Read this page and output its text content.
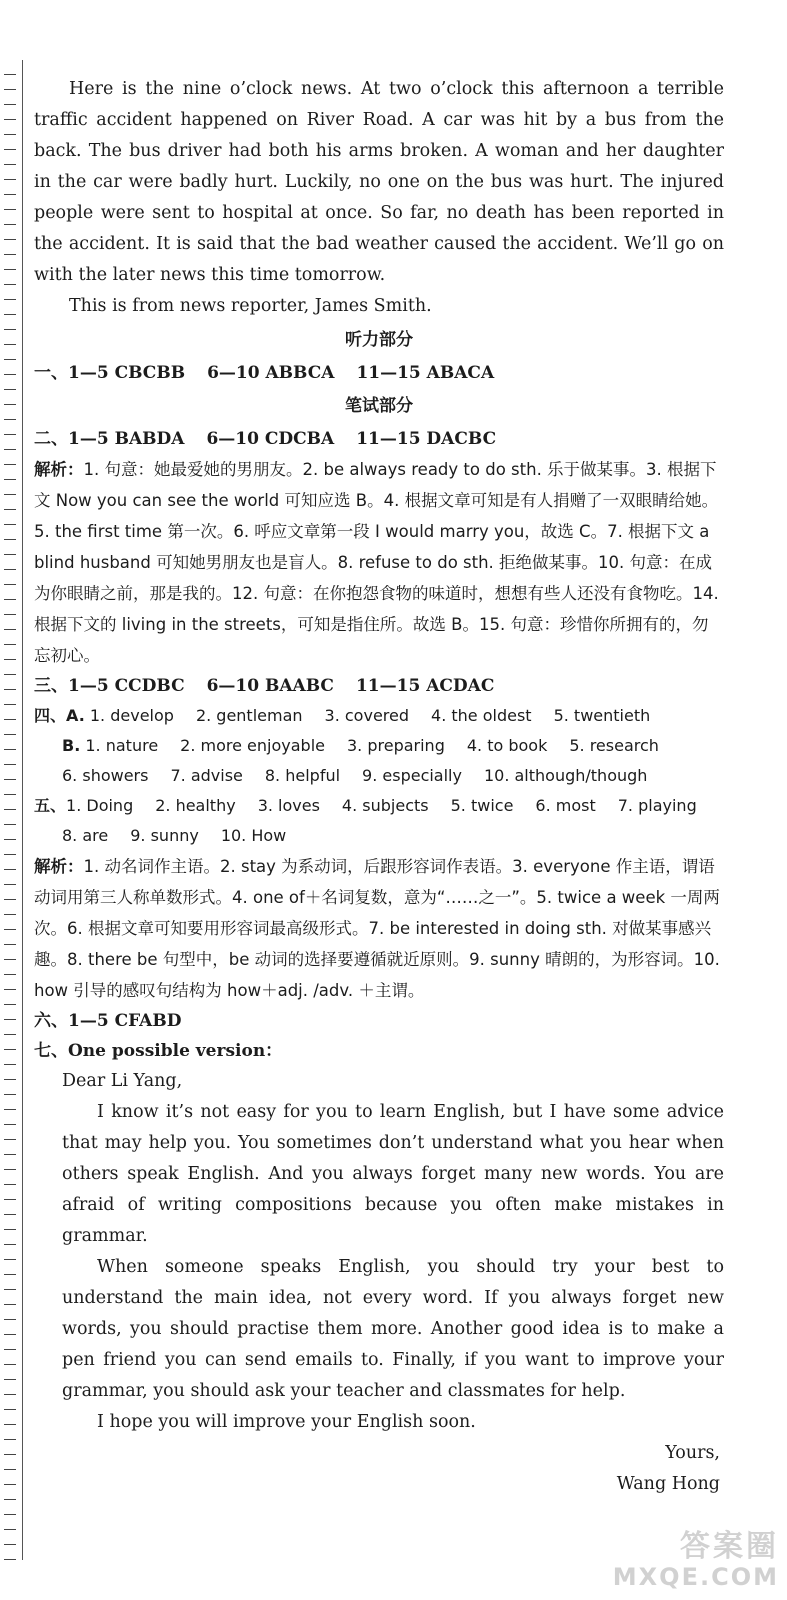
Here is the nine o’clock news. At two o’clock this afternoon a terrible traffic accident happened on River Road. A car was hit by a bus from the back. The bus driver had both his arms broken. A woman and her daughter in the car were badly hurt. Luckily, no one on the bus was hurt. The injured people were sent to hospital at once. So far, no death has been reported in the accident. It is said that the bad weather caused the accident. We’ll go on with the later news this time tomorrow.

This is from news reporter, James Smith.

听力部分

一、1—5 CBCBB 6—10 ABBCA 11—15 ABACA

笔试部分

二、1—5 BABDA 6—10 CDCBA 11—15 DACBC

解析：1. 句意：她最爱她的男朋友。2. be always ready to do sth. 乐于做某事。3. 根据下文 Now you can see the world 可知应选 B。4. 根据文章可知是有人捐赠了一双眼睛给她。5. the first time 第一次。6. 呼应文章第一段 I would marry you，故选 C。7. 根据下文 a blind husband 可知她男朋友也是盲人。8. refuse to do sth. 拒绝做某事。10. 句意：在成为你眼睛之前，那是我的。12. 句意：在你抱怨食物的味道时，想想有些人还没有食物吃。14. 根据下文的 living in the streets，可知是指住所。故选 B。15. 句意：珍惜你所拥有的，勿忘初心。

三、1—5 CCDBC 6—10 BAABC 11—15 ACDAC

四、A. 1. develop 2. gentleman 3. covered 4. the oldest 5. twentieth

B. 1. nature 2. more enjoyable 3. preparing 4. to book 5. research

6. showers 7. advise 8. helpful 9. especially 10. although/though

五、1. Doing 2. healthy 3. loves 4. subjects 5. twice 6. most 7. playing

8. are 9. sunny 10. How

解析：1. 动名词作主语。2. stay 为系动词，后跟形容词作表语。3. everyone 作主语，谓语动词用第三人称单数形式。4. one of＋名词复数，意为“……之一”。5. twice a week 一周两次。6. 根据文章可知要用形容词最高级形式。7. be interested in doing sth. 对做某事感兴趣。8. there be 句型中，be 动词的选择要遵循就近原则。9. sunny 晴朗的，为形容词。10. how 引导的感叹句结构为 how＋adj. /adv. ＋主谓。

六、1—5 CFABD

七、One possible version：

Dear Li Yang,

I know it’s not easy for you to learn English, but I have some advice that may help you. You sometimes don’t understand what you hear when others speak English. And you always forget many new words. You are afraid of writing compositions because you often make mistakes in grammar.

When someone speaks English, you should try your best to understand the main idea, not every word. If you always forget new words, you should practise them more. Another good idea is to make a pen friend you can send emails to. Finally, if you want to improve your grammar, you should ask your teacher and classmates for help.

I hope you will improve your English soon.

Yours,

Wang Hong

答案圈
MXQE.COM
